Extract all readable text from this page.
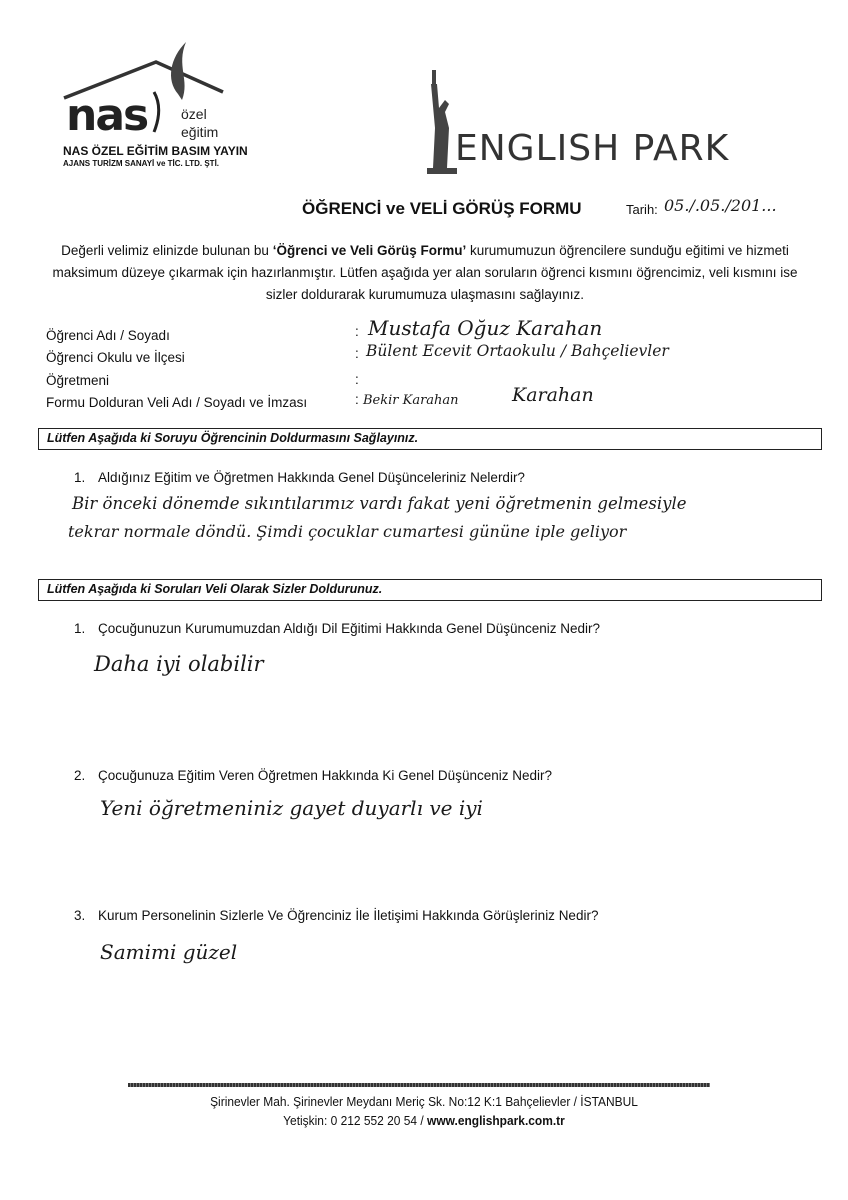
nas özel
eğitim
NAS ÖZEL EĞİTİM BASIM YAYIN
AJANS TURİZM SANAYİ ve TİC. LTD. ŞTİ.	ENGLISH PARK
ÖĞRENCİ ve VELİ GÖRÜŞ FORMU	Tarih: 05./.05./201...
Değerli velimiz elinizde bulunan bu ‘Öğrenci ve Veli Görüş Formu’ kurumumuzun öğrencilere sunduğu eğitimi ve hizmeti maksimum düzeye çıkarmak için hazırlanmıştır. Lütfen aşağıda yer alan soruların öğrenci kısmını öğrencimiz, veli kısmını ise sizler doldurarak kurumumuza ulaşmasını sağlayınız.
Öğrenci Adı / Soyadı	: Mustafa Oğuz Karahan
Öğrenci Okulu ve İlçesi	: Bülent Ecevit Ortaokulu / Bahçelievler
Öğretmeni	:
Formu Dolduran Veli Adı / Soyadı ve İmzası	: Bekir Karahan	Karahan
Lütfen Aşağıda ki Soruyu Öğrencinin Doldurmasını Sağlayınız.
1. Aldığınız Eğitim ve Öğretmen Hakkında Genel Düşünceleriniz Nelerdir?
Bir önceki dönemde sıkıntılarımız vardı fakat yeni öğretmenin gelmesiyle
tekrar normale döndü. Şimdi çocuklar cumartesi gününe iple geliyor
Lütfen Aşağıda ki Soruları Veli Olarak Sizler Doldurunuz.
1. Çocuğunuzun Kurumumuzdan Aldığı Dil Eğitimi Hakkında Genel Düşünceniz Nedir?
Daha iyi olabilir
2. Çocuğunuza Eğitim Veren Öğretmen Hakkında Ki Genel Düşünceniz Nedir?
Yeni öğretmeniniz gayet duyarlı ve iyi
3. Kurum Personelinin Sizlerle Ve Öğrenciniz İle İletişimi Hakkında Görüşleriniz Nedir?
Samimi güzel
Şirinevler Mah. Şirinevler Meydanı Meriç Sk. No:12 K:1 Bahçelievler / İSTANBUL
Yetişkin: 0 212 552 20 54 / www.englishpark.com.tr
